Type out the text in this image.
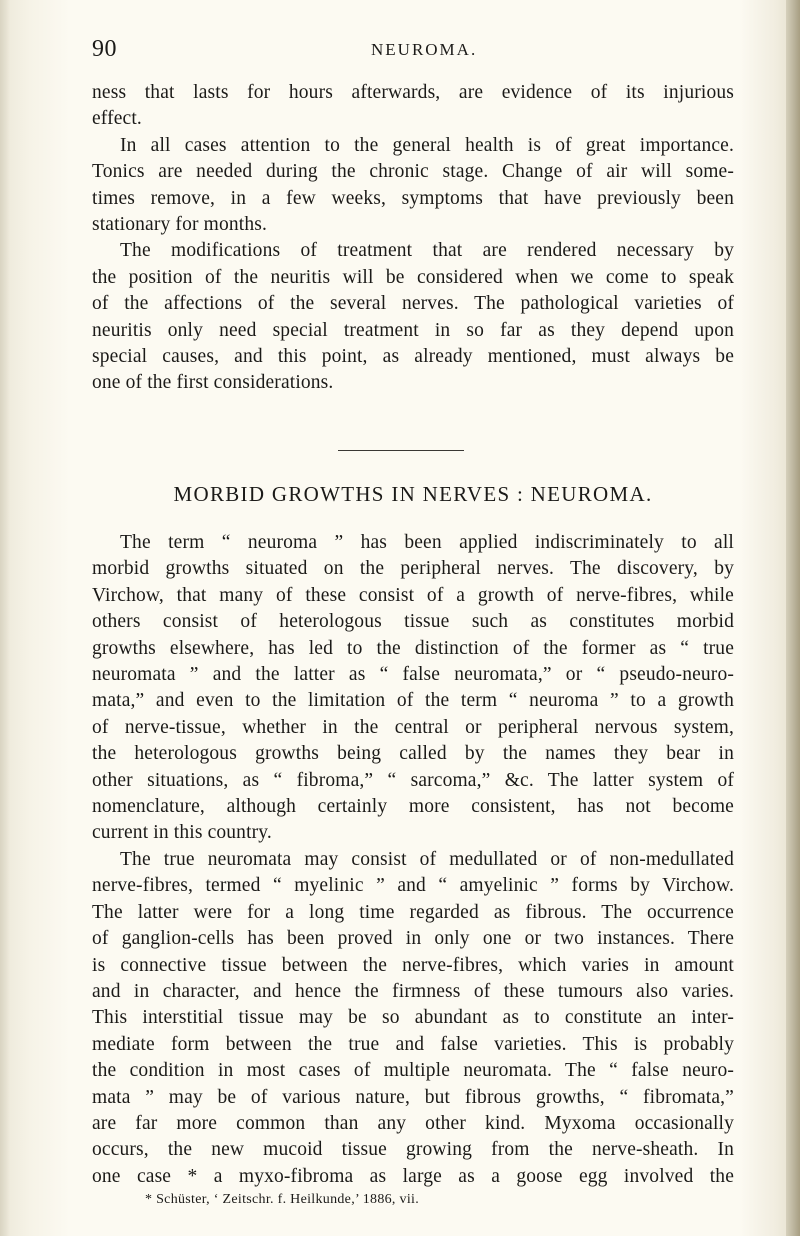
90	NEUROMA.
ness that lasts for hours afterwards, are evidence of its injurious
effect.
In all cases attention to the general health is of great importance.
Tonics are needed during the chronic stage. Change of air will some-
times remove, in a few weeks, symptoms that have previously been
stationary for months.
The modifications of treatment that are rendered necessary by
the position of the neuritis will be considered when we come to speak
of the affections of the several nerves. The pathological varieties of
neuritis only need special treatment in so far as they depend upon
special causes, and this point, as already mentioned, must always be
one of the first considerations.
MORBID GROWTHS IN NERVES : NEUROMA.
The term “ neuroma ” has been applied indiscriminately to all
morbid growths situated on the peripheral nerves. The discovery, by
Virchow, that many of these consist of a growth of nerve-fibres, while
others consist of heterologous tissue such as constitutes morbid
growths elsewhere, has led to the distinction of the former as “ true
neuromata ” and the latter as “ false neuromata,” or “ pseudo-neuro-
mata,” and even to the limitation of the term “ neuroma ” to a growth
of nerve-tissue, whether in the central or peripheral nervous system,
the heterologous growths being called by the names they bear in
other situations, as “ fibroma,” “ sarcoma,” &c. The latter system of
nomenclature, although certainly more consistent, has not become
current in this country.
The true neuromata may consist of medullated or of non-medullated
nerve-fibres, termed “ myelinic ” and “ amyelinic ” forms by Virchow.
The latter were for a long time regarded as fibrous. The occurrence
of ganglion-cells has been proved in only one or two instances. There
is connective tissue between the nerve-fibres, which varies in amount
and in character, and hence the firmness of these tumours also varies.
This interstitial tissue may be so abundant as to constitute an inter-
mediate form between the true and false varieties. This is probably
the condition in most cases of multiple neuromata. The “ false neuro-
mata ” may be of various nature, but fibrous growths, “ fibromata,”
are far more common than any other kind. Myxoma occasionally
occurs, the new mucoid tissue growing from the nerve-sheath. In
one case * a myxo-fibroma as large as a goose egg involved the
* Schüster, ‘ Zeitschr. f. Heilkunde,’ 1886, vii.
